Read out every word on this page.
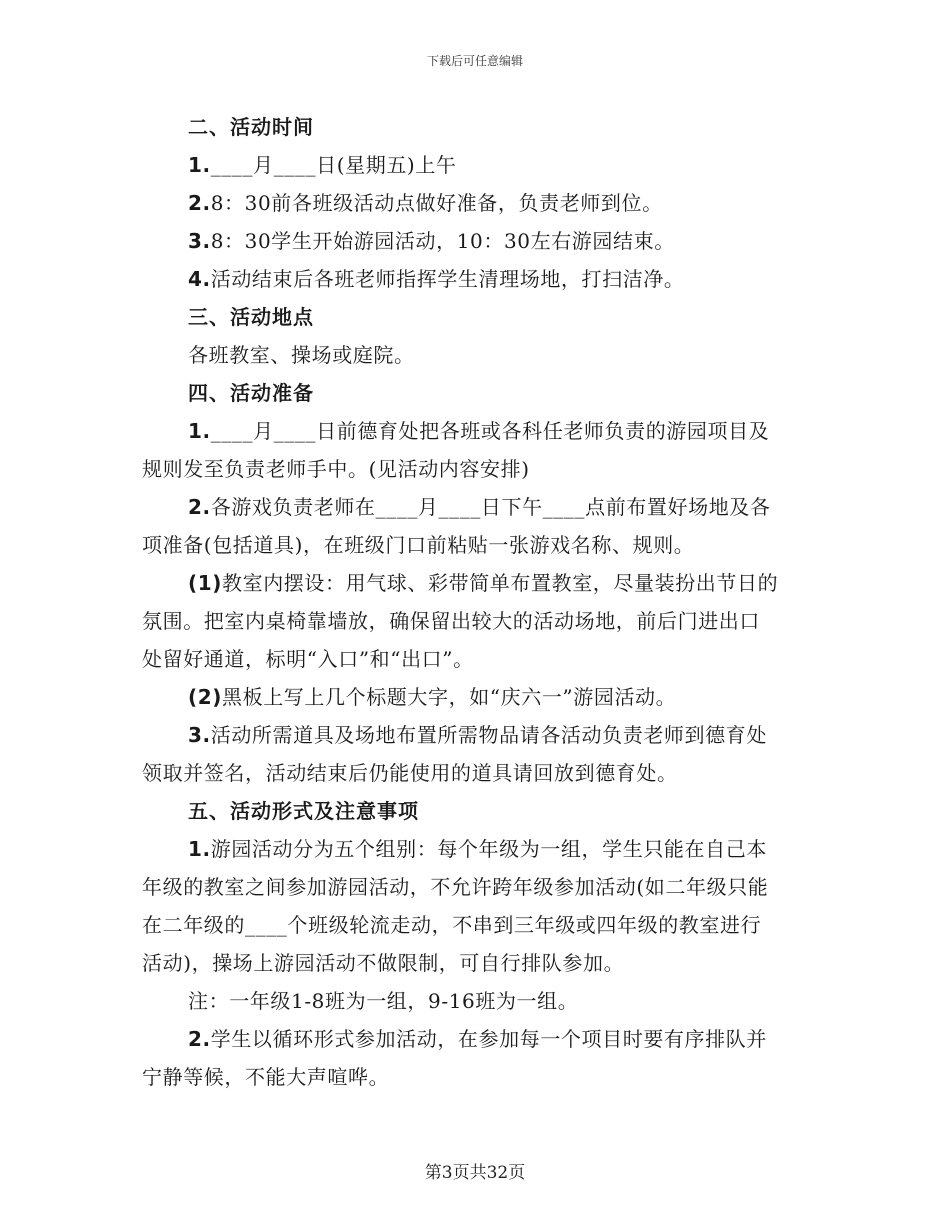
下载后可任意编辑
二、活动时间
1.____月____日(星期五)上午
2.8：30前各班级活动点做好准备，负责老师到位。
3.8：30学生开始游园活动，10：30左右游园结束。
4.活动结束后各班老师指挥学生清理场地，打扫洁净。
三、活动地点
各班教室、操场或庭院。
四、活动准备
1.____月____日前德育处把各班或各科任老师负责的游园项目及
规则发至负责老师手中。(见活动内容安排)
2.各游戏负责老师在____月____日下午____点前布置好场地及各
项准备(包括道具)，在班级门口前粘贴一张游戏名称、规则。
(1)教室内摆设：用气球、彩带简单布置教室，尽量装扮出节日的
氛围。把室内桌椅靠墙放，确保留出较大的活动场地，前后门进出口
处留好通道，标明“入口”和“出口”。
(2)黑板上写上几个标题大字，如“庆六一”游园活动。
3.活动所需道具及场地布置所需物品请各活动负责老师到德育处
领取并签名，活动结束后仍能使用的道具请回放到德育处。
五、活动形式及注意事项
1.游园活动分为五个组别：每个年级为一组，学生只能在自己本
年级的教室之间参加游园活动，不允许跨年级参加活动(如二年级只能
在二年级的____个班级轮流走动，不串到三年级或四年级的教室进行
活动)，操场上游园活动不做限制，可自行排队参加。
注：一年级1-8班为一组，9-16班为一组。
2.学生以循环形式参加活动，在参加每一个项目时要有序排队并
宁静等候，不能大声喧哗。
第3页共32页
